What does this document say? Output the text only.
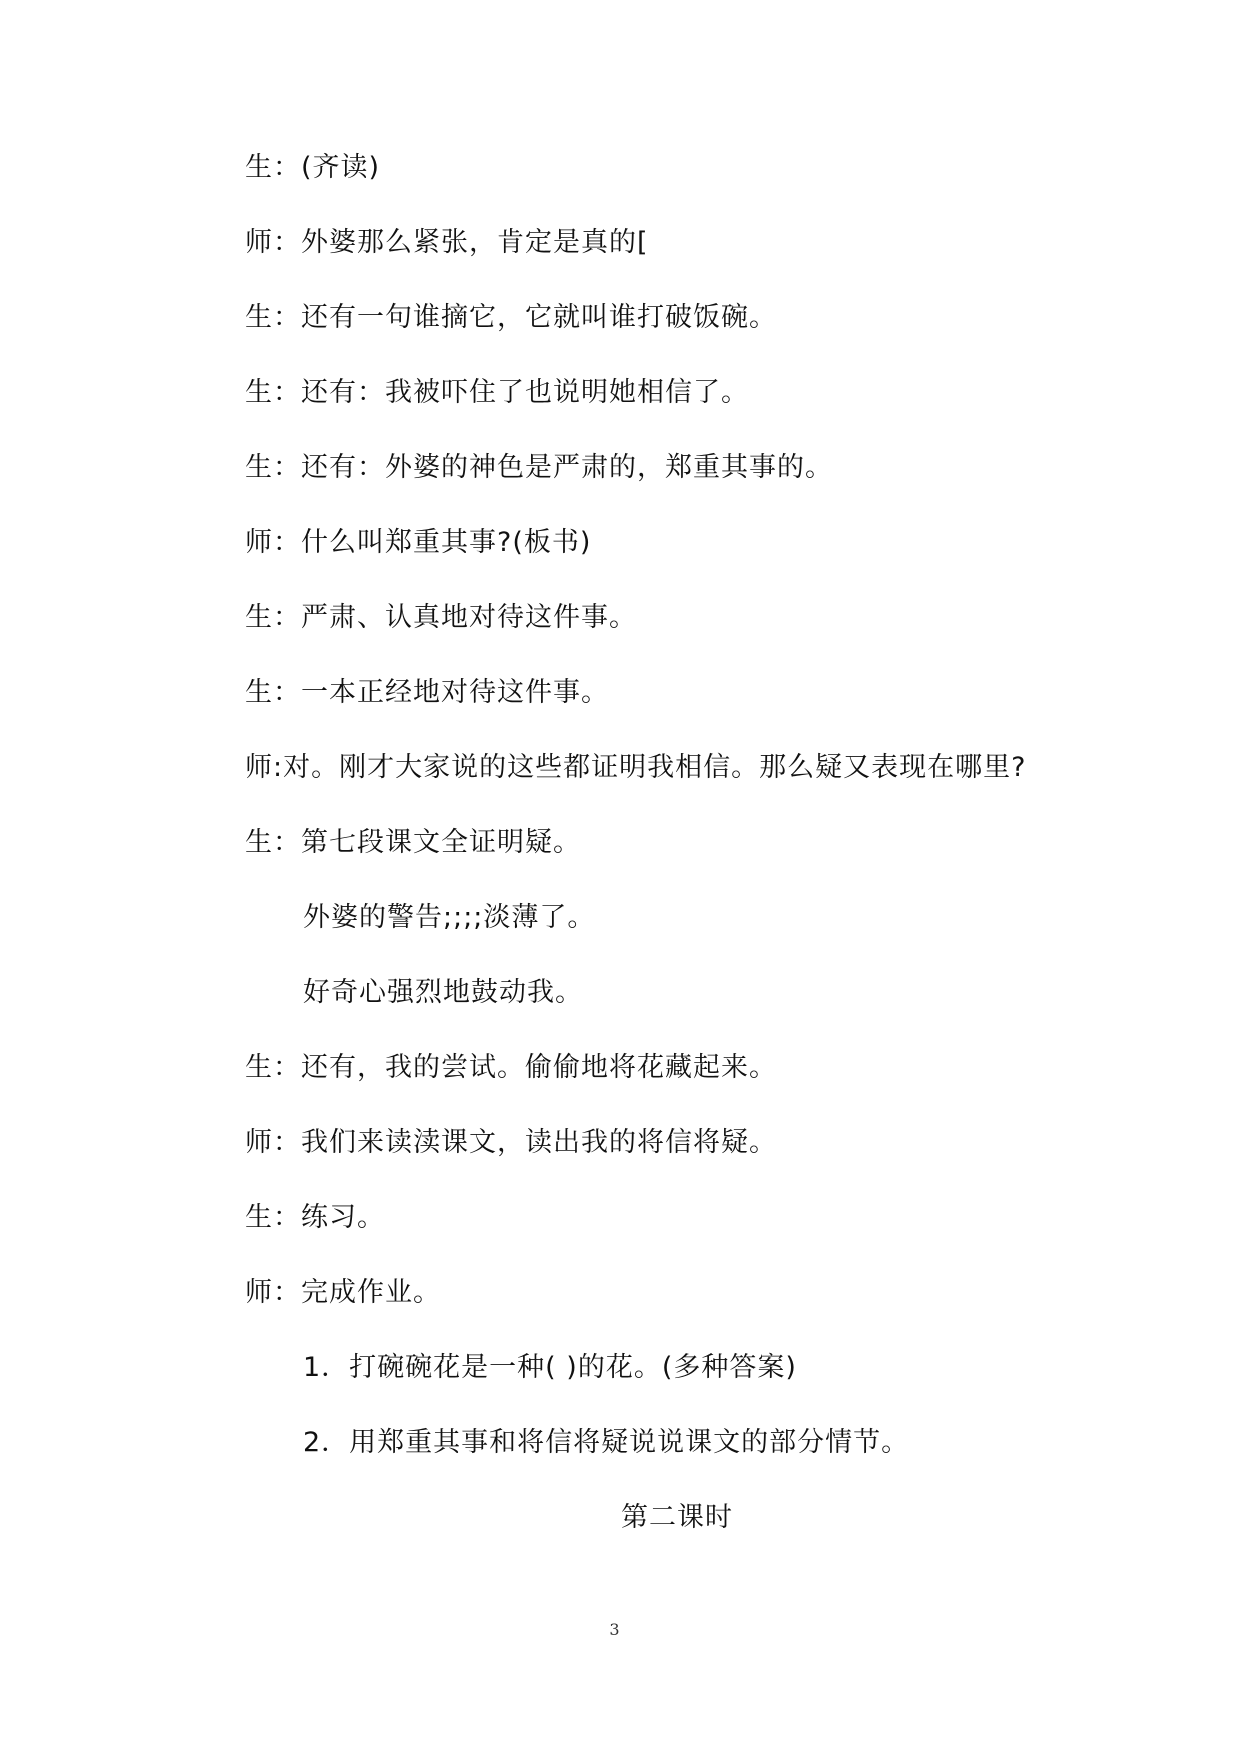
生：(齐读)
师：外婆那么紧张，肯定是真的[
生：还有一句谁摘它，它就叫谁打破饭碗。
生：还有：我被吓住了也说明她相信了。
生：还有：外婆的神色是严肃的，郑重其事的。
师：什么叫郑重其事?(板书)
生：严肃、认真地对待这件事。
生：一本正经地对待这件事。
师:对。刚才大家说的这些都证明我相信。那么疑又表现在哪里?
生：第七段课文全证明疑。
外婆的警告;;;;淡薄了。
好奇心强烈地鼓动我。
生：还有，我的尝试。偷偷地将花藏起来。
师：我们来读渎课文，读出我的将信将疑。
生：练习。
师：完成作业。
1．打碗碗花是一种( )的花。(多种答案)
2．用郑重其事和将信将疑说说课文的部分情节。
第二课时
3
